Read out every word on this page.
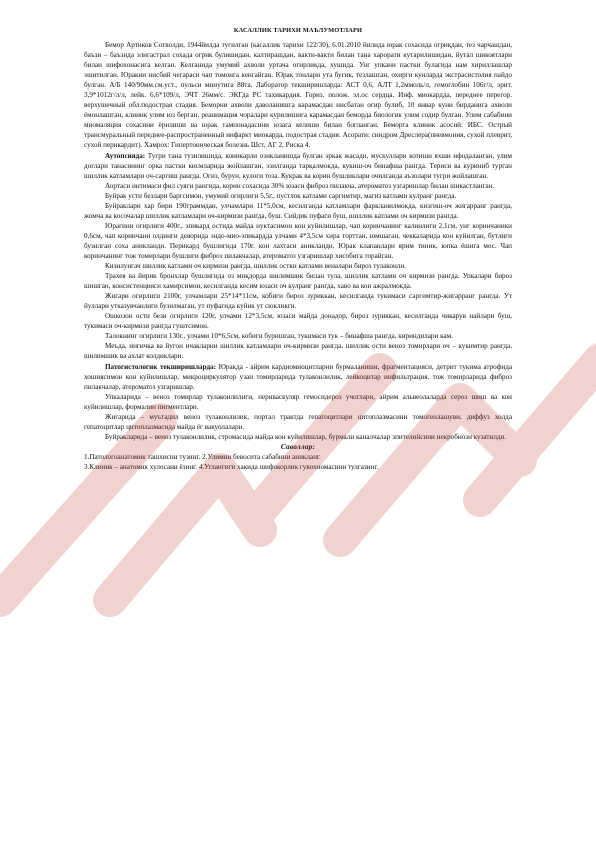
КАСАЛЛИК ТАРИХИ МАЪЛУМОТЛАРИ

Бемор Артиков Сотволди, 1944йилда тугилган (касаллик тарихи 122/30), 6.01.2010 йилида юрак сохасида огриқдан, тез чарчашдан, баъзи – баъзида элигастрал сохада огрик булишидан, калтирашдан, вакти-вакти билан тана харорати кутарилишидан, йутал шикоятлари билан шифохонасига келган. Келганида умумий ахволи уртача огирликда, хушида. Унг упкани пастки булагида нам хириллашлар эшитилган. Юракни нисбий чегараси чап томонга кенгайган. Юрак тонлари ута бугик, тезлашган, охирги кунларда экстрасистолия пайдо булган. А/Б 140/90мм.см.уст., пульси минутига 88та. Лаборатор текширишларда: АСТ 0,6, АЛТ 1,2ммоль/л, гемоглобин 106г/л, эрит. 3,9*1012г/л/л, лейк. 6,6*109/л, ЭЧТ 26мм/с. ЭКГда РС тахикардия. Гориз. полож. эл.ос сердца. Инф. миокардда, переднее перегор. верхушечный обл.подострая стадия. Беморни ахволи даволанишга карамасдан нисбатан огир булиб, 10 январ куни бирданига ахволи ёмонлашган, клиник улим юз берган, реанимация чоралари курилишига карамасдан беморда биологик улим содир булган. Улим сабабини миомаляция сохасини ёрилиши ва юрак тампонадасини юзага келиши билан богланган. Беморга клиник асосий: ИБС. Острый трансмуральный переднее-распространенный инфаркт миокарда, подострая стадия. Асорати: синдром Дреслера(пневмония, сухой плеврит, сухой перикардит). Хамрох: Гипертоническая болезнь Шст, АГ 2, Риска 4.

Аутопсияда: Тугри тана тузилишида, коникарли озикланишда булган эркак жасади, мускуллари котиши яхши ифодаланган, улим доглари танасининг орка пастки кисмларида жойлашган, эзилганда тарқалмокда, кукиш-оч бинафша рангда. Териси ва куриниб турган шиллик катламлари оч-саргиш рангда. Огиз, бурун, кулоги тоза. Кукрак ва корин бушликлари очилганда аъзолари тугри жойлашган.

Аортаси интимаси фил суяги рангида, корин сохасида 30% юзаси фиброз пилакча, атероматоз узгаришлар билан шикастланган.

Буйрак усти безлари баргсимон, умумий огирлиги 5,5г., пустлок катлами саргимтир, магиз катлами кулранг рангда.

Буйраклари хар бири 190граммдан, улчамлари 11*5,0см, кесилганда катламлари фаркланилмокда, кизгиш-оч жигарранг рангда, жомча ва косочалар шиллик катламлари оч-кирмизи рангда, буш. Сийдик пуфаги буш, шиллик катлами оч кирмизи рангда.

Юрагини огирлиги 400г., эпикард остида майда нуктасимон кон куйилишлар, чап коринчанинг калинлиги 2,1см, унг коринчаники 0,6см, чап коринчани олдинги деворида эндо-мио-эпикардда улчами 4*3,5см хира торттан, юмшаган, чеккаларида кон куйилган, бутлиги бузилган соха аникланди. Перикард бушлигида 170г. кон лахтаси аникланди. Юрак клапанлари ярим тиник, юпка ёшига мос. Чап коринчанинг тож томирлари бушлиги фиброз пилакчалар, атероматоз узгаришлар хисобига торайган.

Кизилунгач шиллик катлами оч кирмизи рангда, шиллик остки катлами веналари бироз тулаконли.

Трахея ва йирик бронхлар бушлигида оз миқдорда шилимшик билан тула, шиллик катлами оч кирмизи рангда. Упкалари бироз шишган, консистенцияси хамирсимон, кесилганда кесим юзаси оч кулранг рангда, хаво ва кон ажралмокда.

Жигари огирлиги 2100г, улчамлари 25*14*11см, кобиги бироз зуриккан, кесилганда тукимаси саргимтир-жигарранг рангда. Ут йуллари утказувчанлиги бузилмаган, ут пуфагида куйик ут сюкликги.

Ошкозон ости бези огирлиги 120г, улчами 12*3,5см, юзаси майда донадор, бироз зуриккан, кесилганда чикарув найлари буш, тукимаси оч-кирмизи рангда гуштсимон.

Талокнинг огирлиги 130г., улчами 10*6,5см, кобиги буришган, тукимаси тук – бинафша рангда, кириндилари кам.

Меъда, ингичка ва йугон ичакларни шиллик катламлари оч-кирмизи рангда, шиллик ости веноз томирлари оч – кукимтир рангда, шилимшик ва ахлат колдиклари.

Патогистологик текширишларда: Юракда - айрим кардиомиоцитларни бурмаланиши, фрагментацияси, детрит тукима атрофида хошиясимон кон куйилишлар, микроциркулятор узан томирларида тулаконлилик, лейкоцитар инфильтрация, тож томирларида фиброз пилакчалар, атероматоз узгаришлар.

Упкаларида – веноз томирлар тулаконлилиги, периваскуляр гемосидероз учоглари, айрим альвеолаларда сероз шиш ва кон куйилишлар, формалин пигментлари.

Жигарида – муътадил веноз тулаконлилик, портал трактда гепатоцитлари цитоплазмасини томогенлашуви, диффуз холда гепатоцитлар цитоплазмасида майда ёг вакуолалари.

Буйракларида – веноз тулаконлилик, стромасида майда кон куйилишлар, бурмали каналчалар эпителийсини некробиози кузатилди.

Саволлар:
1.Патологоанатомик ташхисни тузинг. 2.Улимни бевосита сабабини аникланг.
3.Клиник – анатомик хулосани ёзинг. 4.Углангиги хакида шифокорлик гувохномасини тулгазинг.
